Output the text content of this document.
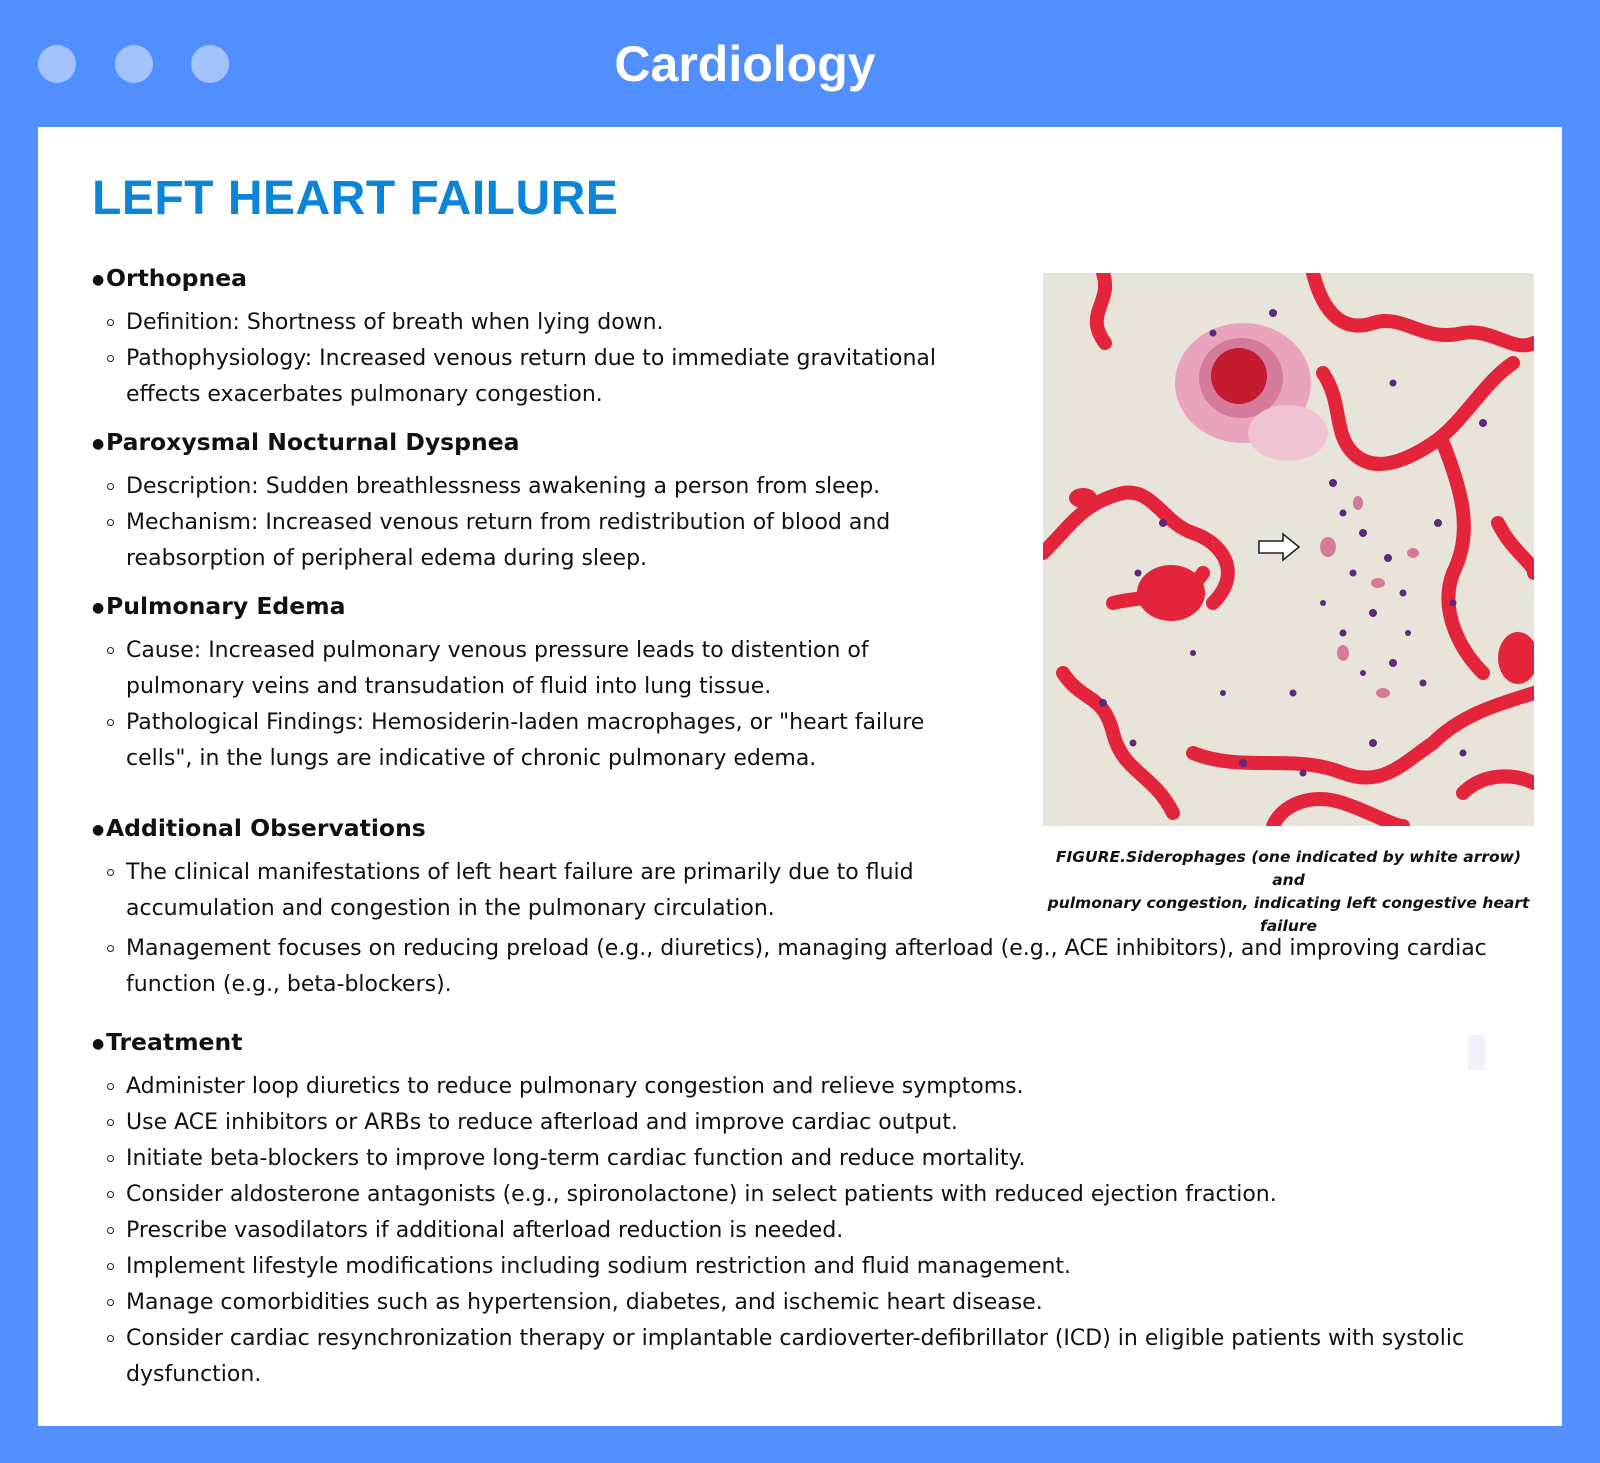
Cardiology
LEFT HEART FAILURE
● Orthopnea
Definition: Shortness of breath when lying down.
Pathophysiology: Increased venous return due to immediate gravitational effects exacerbates pulmonary congestion.
● Paroxysmal Nocturnal Dyspnea
Description: Sudden breathlessness awakening a person from sleep.
Mechanism: Increased venous return from redistribution of blood and reabsorption of peripheral edema during sleep.
● Pulmonary Edema
Cause: Increased pulmonary venous pressure leads to distention of pulmonary veins and transudation of fluid into lung tissue.
Pathological Findings: Hemosiderin-laden macrophages, or "heart failure cells", in the lungs are indicative of chronic pulmonary edema.
FIGURE.Siderophages (one indicated by white arrow) and
pulmonary congestion, indicating left congestive heart failure
● Additional Observations
The clinical manifestations of left heart failure are primarily due to fluid accumulation and congestion in the pulmonary circulation.
Management focuses on reducing preload (e.g., diuretics), managing afterload (e.g., ACE inhibitors), and improving cardiac function (e.g., beta-blockers).
● Treatment
Administer loop diuretics to reduce pulmonary congestion and relieve symptoms.
Use ACE inhibitors or ARBs to reduce afterload and improve cardiac output.
Initiate beta-blockers to improve long-term cardiac function and reduce mortality.
Consider aldosterone antagonists (e.g., spironolactone) in select patients with reduced ejection fraction.
Prescribe vasodilators if additional afterload reduction is needed.
Implement lifestyle modifications including sodium restriction and fluid management.
Manage comorbidities such as hypertension, diabetes, and ischemic heart disease.
Consider cardiac resynchronization therapy or implantable cardioverter-defibrillator (ICD) in eligible patients with systolic dysfunction.
